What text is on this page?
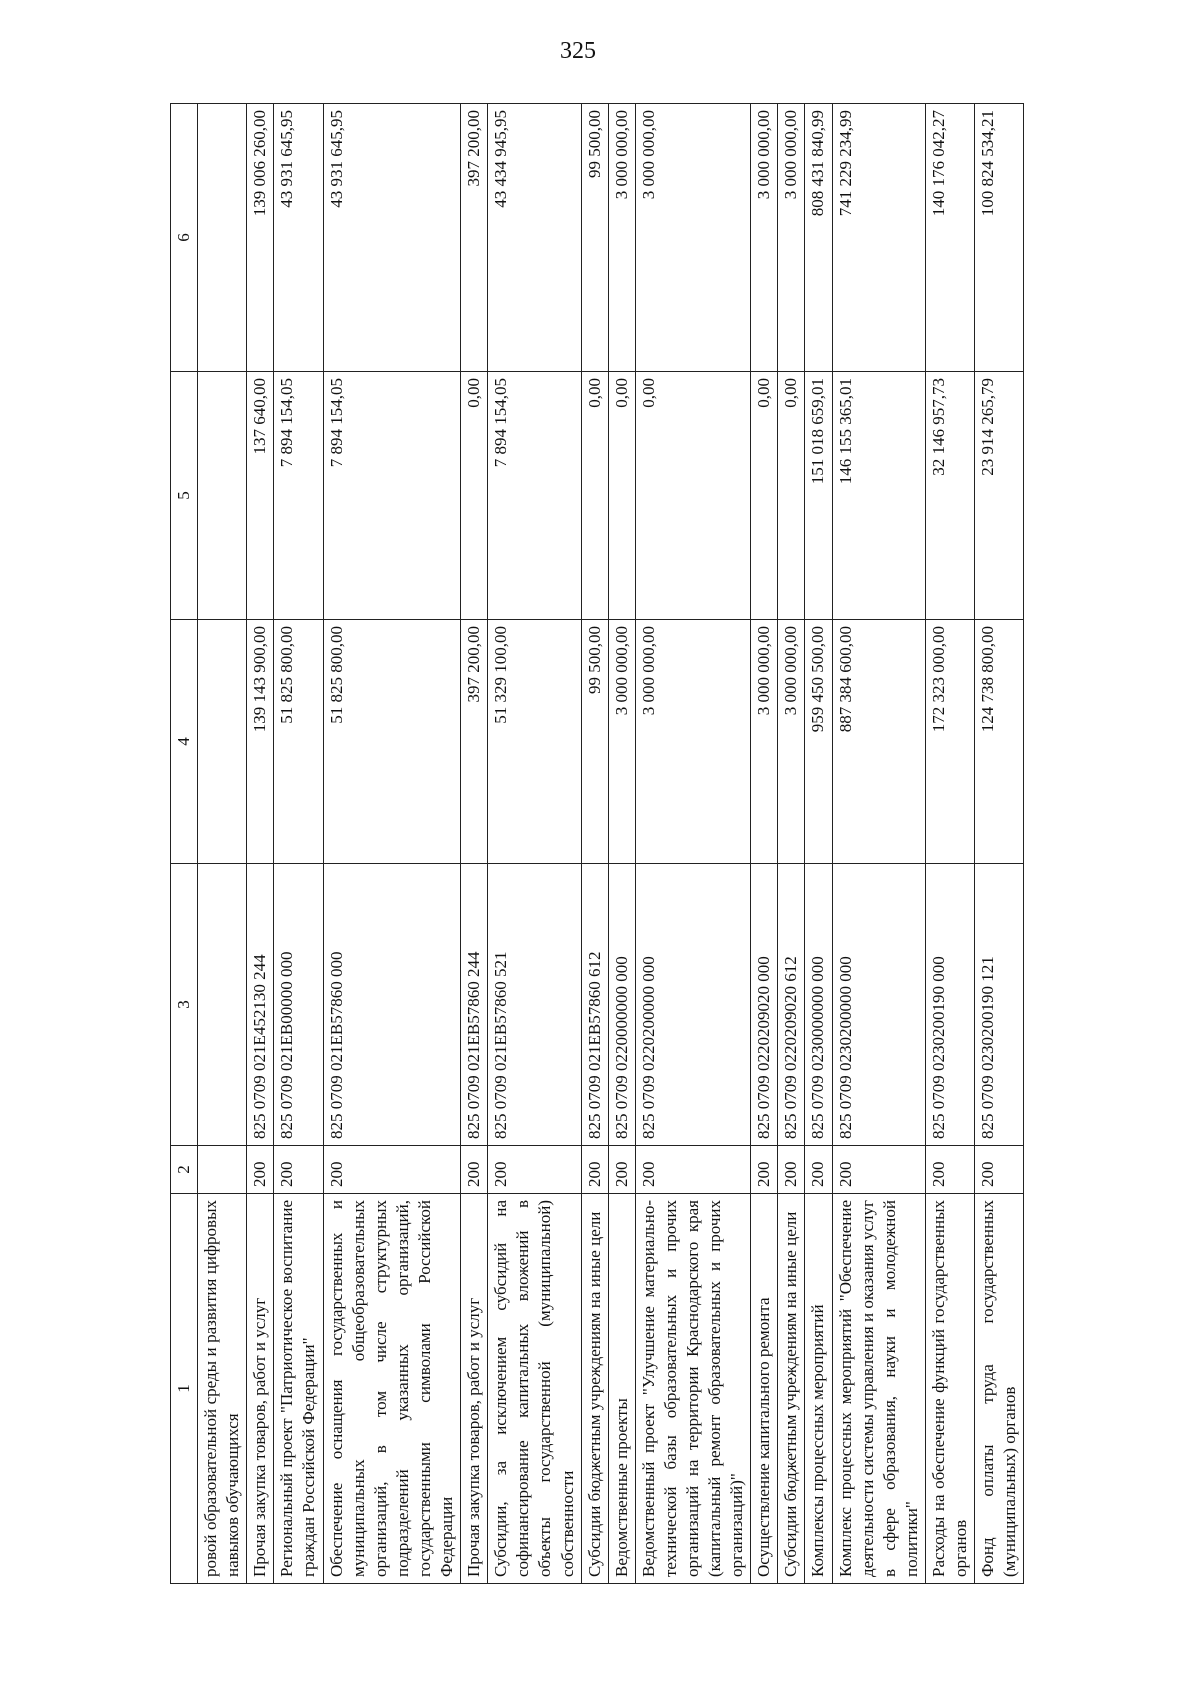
325
1	2	3	4	5	6
ровой образовательной среды и развития цифровых навыков обучающихся					
Прочая закупка товаров, работ и услуг	200	825 0709 021Е452130 244	139 143 900,00	137 640,00	139 006 260,00
Региональный проект "Патриотическое воспитание граждан Российской Федерации"	200	825 0709 021ЕВ00000 000	51 825 800,00	7 894 154,05	43 931 645,95
Обеспечение оснащения государственных и муниципальных общеобразовательных организаций, в том числе структурных подразделений указанных организаций, государственными символами Российской Федерации	200	825 0709 021ЕВ57860 000	51 825 800,00	7 894 154,05	43 931 645,95
Прочая закупка товаров, работ и услуг	200	825 0709 021ЕВ57860 244	397 200,00	0,00	397 200,00
Субсидии, за исключением субсидий на софинансирование капитальных вложений в объекты государственной (муниципальной) собственности	200	825 0709 021ЕВ57860 521	51 329 100,00	7 894 154,05	43 434 945,95
Субсидии бюджетным учреждениям на иные цели	200	825 0709 021ЕВ57860 612	99 500,00	0,00	99 500,00
Ведомственные проекты	200	825 0709 0220000000 000	3 000 000,00	0,00	3 000 000,00
Ведомственный проект "Улучшение материально-технической базы образовательных и прочих организаций на территории Краснодарского края (капитальный ремонт образовательных и прочих организаций)"	200	825 0709 0220200000 000	3 000 000,00	0,00	3 000 000,00
Осуществление капитального ремонта	200	825 0709 0220209020 000	3 000 000,00	0,00	3 000 000,00
Субсидии бюджетным учреждениям на иные цели	200	825 0709 0220209020 612	3 000 000,00	0,00	3 000 000,00
Комплексы процессных мероприятий	200	825 0709 0230000000 000	959 450 500,00	151 018 659,01	808 431 840,99
Комплекс процессных мероприятий "Обеспечение деятельности системы управления и оказания услуг в сфере образования, науки и молодежной политики"	200	825 0709 0230200000 000	887 384 600,00	146 155 365,01	741 229 234,99
Расходы на обеспечение функций государственных органов	200	825 0709 0230200190 000	172 323 000,00	32 146 957,73	140 176 042,27
Фонд оплаты труда государственных (муниципальных) органов	200	825 0709 0230200190 121	124 738 800,00	23 914 265,79	100 824 534,21
